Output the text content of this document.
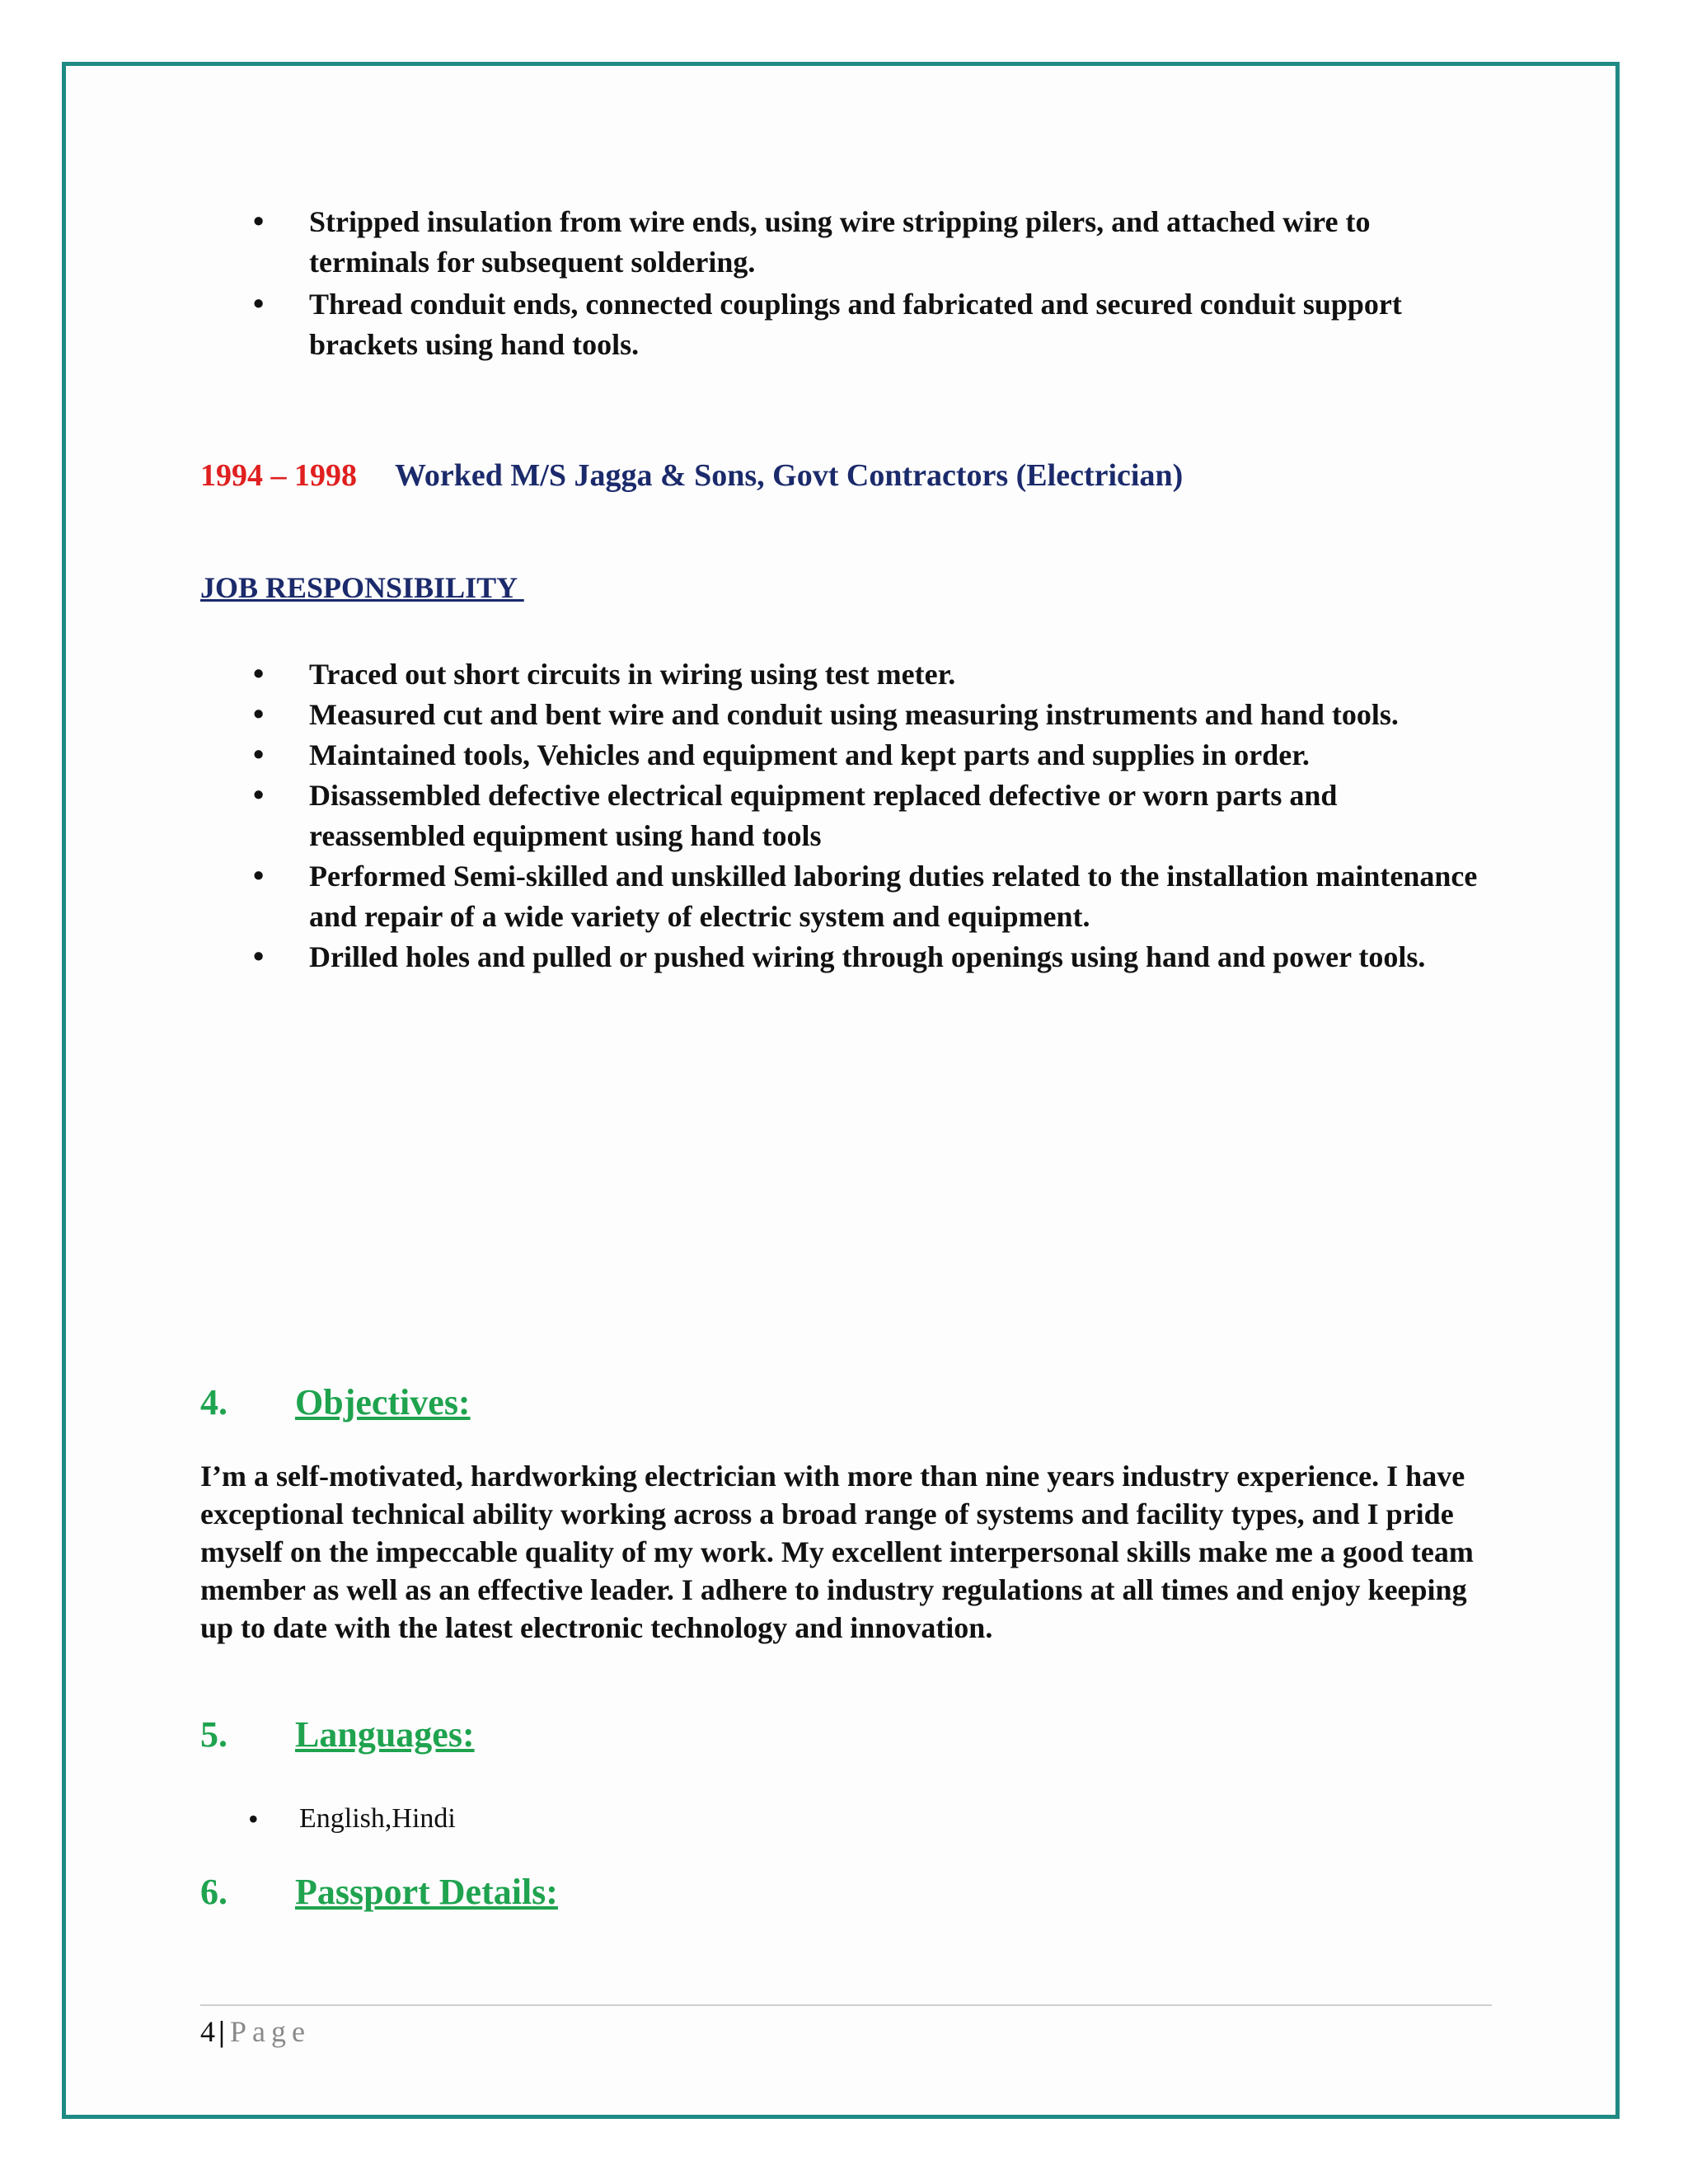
• Stripped insulation from wire ends, using wire stripping pilers, and attached wire to terminals for subsequent soldering.
• Thread conduit ends, connected couplings and fabricated and secured conduit support brackets using hand tools.
1994 – 1998 Worked M/S Jagga & Sons, Govt Contractors (Electrician)
JOB RESPONSIBILITY
• Traced out short circuits in wiring using test meter.
• Measured cut and bent wire and conduit using measuring instruments and hand tools.
• Maintained tools, Vehicles and equipment and kept parts and supplies in order.
• Disassembled defective electrical equipment replaced defective or worn parts and reassembled equipment using hand tools
• Performed Semi-skilled and unskilled laboring duties related to the installation maintenance and repair of a wide variety of electric system and equipment.
• Drilled holes and pulled or pushed wiring through openings using hand and power tools.
4. Objectives:
I’m a self-motivated, hardworking electrician with more than nine years industry experience. I have exceptional technical ability working across a broad range of systems and facility types, and I pride myself on the impeccable quality of my work. My excellent interpersonal skills make me a good team member as well as an effective leader. I adhere to industry regulations at all times and enjoy keeping up to date with the latest electronic technology and innovation.
5. Languages:
• English,Hindi
6. Passport Details:
4 | Page
